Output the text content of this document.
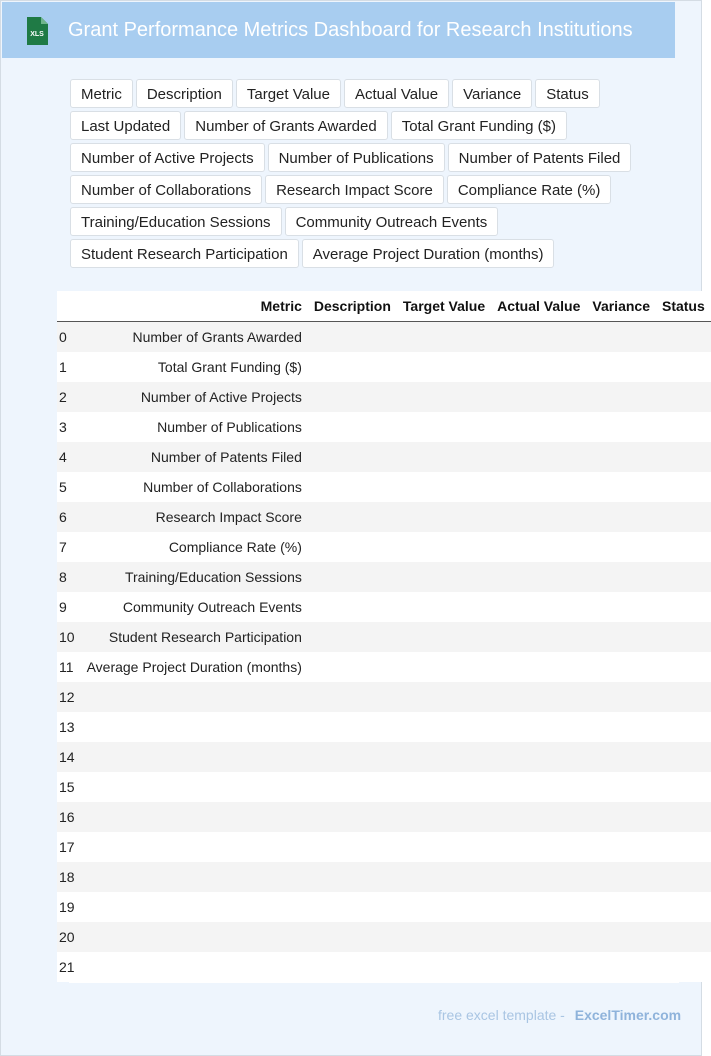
XLS Grant Performance Metrics Dashboard for Research Institutions
Metric	Description	Target Value	Actual Value	Variance	Status
Last Updated	Number of Grants Awarded	Total Grant Funding ($)
Number of Active Projects	Number of Publications	Number of Patents Filed
Number of Collaborations	Research Impact Score	Compliance Rate (%)
Training/Education Sessions	Community Outreach Events
Student Research Participation	Average Project Duration (months)
	Metric	Description	Target Value	Actual Value	Variance	Status
0	Number of Grants Awarded					
1	Total Grant Funding ($)					
2	Number of Active Projects					
3	Number of Publications					
4	Number of Patents Filed					
5	Number of Collaborations					
6	Research Impact Score					
7	Compliance Rate (%)					
8	Training/Education Sessions					
9	Community Outreach Events					
10	Student Research Participation					
11	Average Project Duration (months)					
12						
13						
14						
15						
16						
17						
18						
19						
20						
21						
free excel template - ExcelTimer.com
